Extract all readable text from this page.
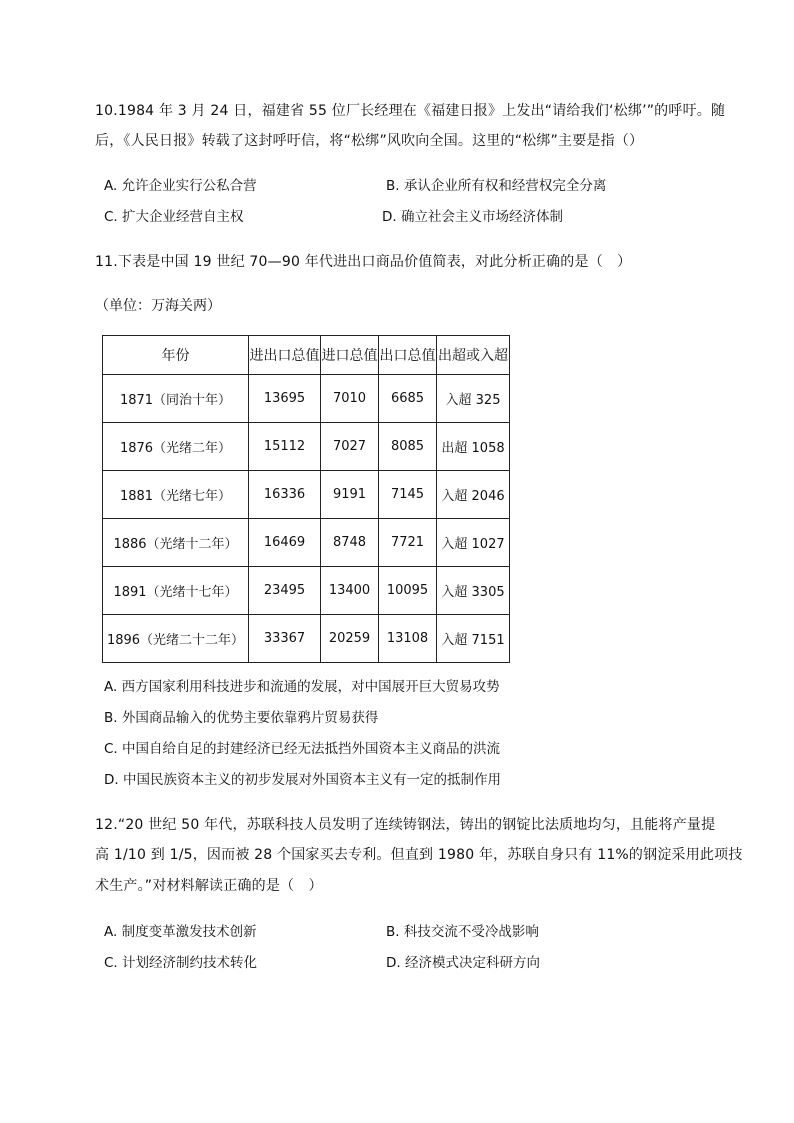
10.1984 年 3 月 24 日，福建省 55 位厂长经理在《福建日报》上发出“请给我们‘松绑’”的呼吁。随
后，《人民日报》转载了这封呼吁信，将“松绑”风吹向全国。这里的“松绑”主要是指（）
A. 允许企业实行公私合营	B. 承认企业所有权和经营权完全分离
C. 扩大企业经营自主权	D. 确立社会主义市场经济体制
11.下表是中国 19 世纪 70—90 年代进出口商品价值简表，对此分析正确的是（　）
（单位：万海关两）
年份	进出口总值	进口总值	出口总值	出超或入超
1871（同治十年）	13695	7010	6685	入超 325
1876（光绪二年）	15112	7027	8085	出超 1058
1881（光绪七年）	16336	9191	7145	入超 2046
1886（光绪十二年）	16469	8748	7721	入超 1027
1891（光绪十七年）	23495	13400	10095	入超 3305
1896（光绪二十二年）	33367	20259	13108	入超 7151
A. 西方国家利用科技进步和流通的发展，对中国展开巨大贸易攻势
B. 外国商品输入的优势主要依靠鸦片贸易获得
C. 中国自给自足的封建经济已经无法抵挡外国资本主义商品的洪流
D. 中国民族资本主义的初步发展对外国资本主义有一定的抵制作用
12.“20 世纪 50 年代，苏联科技人员发明了连续铸钢法，铸出的钢锭比法质地均匀，且能将产量提
高 1/10 到 1/5，因而被 28 个国家买去专利。但直到 1980 年，苏联自身只有 11%的钢淀采用此项技
术生产。”对材料解读正确的是（　）
A. 制度变革激发技术创新	B. 科技交流不受冷战影响
C. 计划经济制约技术转化	D. 经济模式决定科研方向
